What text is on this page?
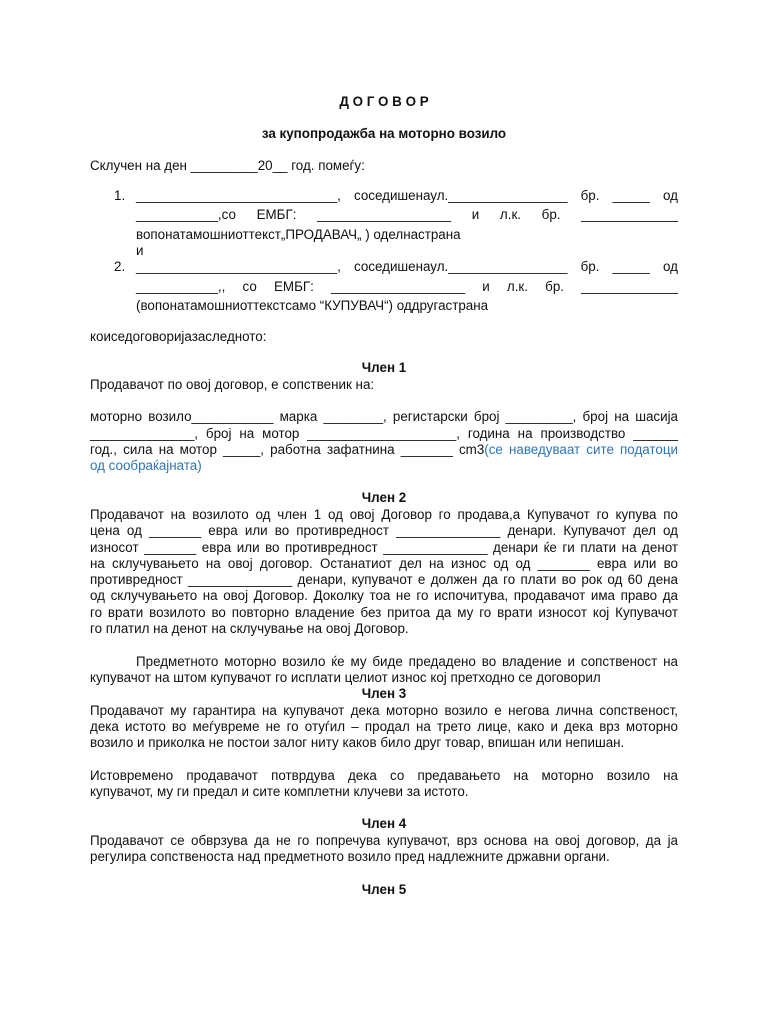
Д О Г О В О Р
за купопродажба на моторно возило
Склучен на ден _________20__ год. помеѓу:
1. ___________________________, соседишенаул.________________ бр. _____ од
___________,со ЕМБГ: __________________ и л.к. бр. _____________
вопонатамошниоттекст„ПРОДАВАЧ„ ) оделнастрана
и
2. ___________________________, соседишенаул.________________ бр. _____ од
___________,, со ЕМБГ: __________________ и л.к. бр. _____________
(вопонатамошниоттекстсамо “КУПУВАЧ“) оддругастрана
коиседоговоријазаследното:
Член 1
Продавачот по овој договор, е сопственик на:
моторно возило___________ марка ________, регистарски број _________, број на шасија
______________, број на мотор ____________________, година на производство ______
год., сила на мотор _____, работна зафатнина _______ cm3(се наведуваат сите податоци
од сообраќајната)
Член 2
Продавачот на возилото од член 1 од овој Договор го продава,а Купувачот го купува по
цена од _______ евра или во противредност ______________ денари. Купувачот дел од
износот _______ евра или во противредност ______________ денари ќе ги плати на денот
на склучувањето на овој договор. Останатиот дел на износ од од _______ евра или во
противредност ______________ денари, купувачот е должен да го плати во рок од 60 дена
од склучувањето на овој Договор. Доколку тоа не го испочитува, продавачот има право да
го врати возилото во повторно владение без притоа да му го врати износот кој Купувачот
го платил на денот на склучување на овој Договор.
Предметното моторно возило ќе му биде предадено во владение и сопственост на
купувачот на штом купувачот го исплати целиот износ кој претходно се договорил
Член 3
Продавачот му гарантира на купувачот дека моторно возило е негова лична сопственост,
дека истото во меѓувреме не го отуѓил – продал на трето лице, како и дека врз моторно
возило и приколка не постои залог ниту каков било друг товар, впишан или непишан.
Истовремено продавачот потврдува дека со предавањето на моторно возило на
купувачот, му ги предал и сите комплетни клучеви за истото.
Член 4
Продавачот се обврзува да не го попречува купувачот, врз основа на овој договор, да ја
регулира сопственоста над предметното возило пред надлежните државни органи.
Член 5
